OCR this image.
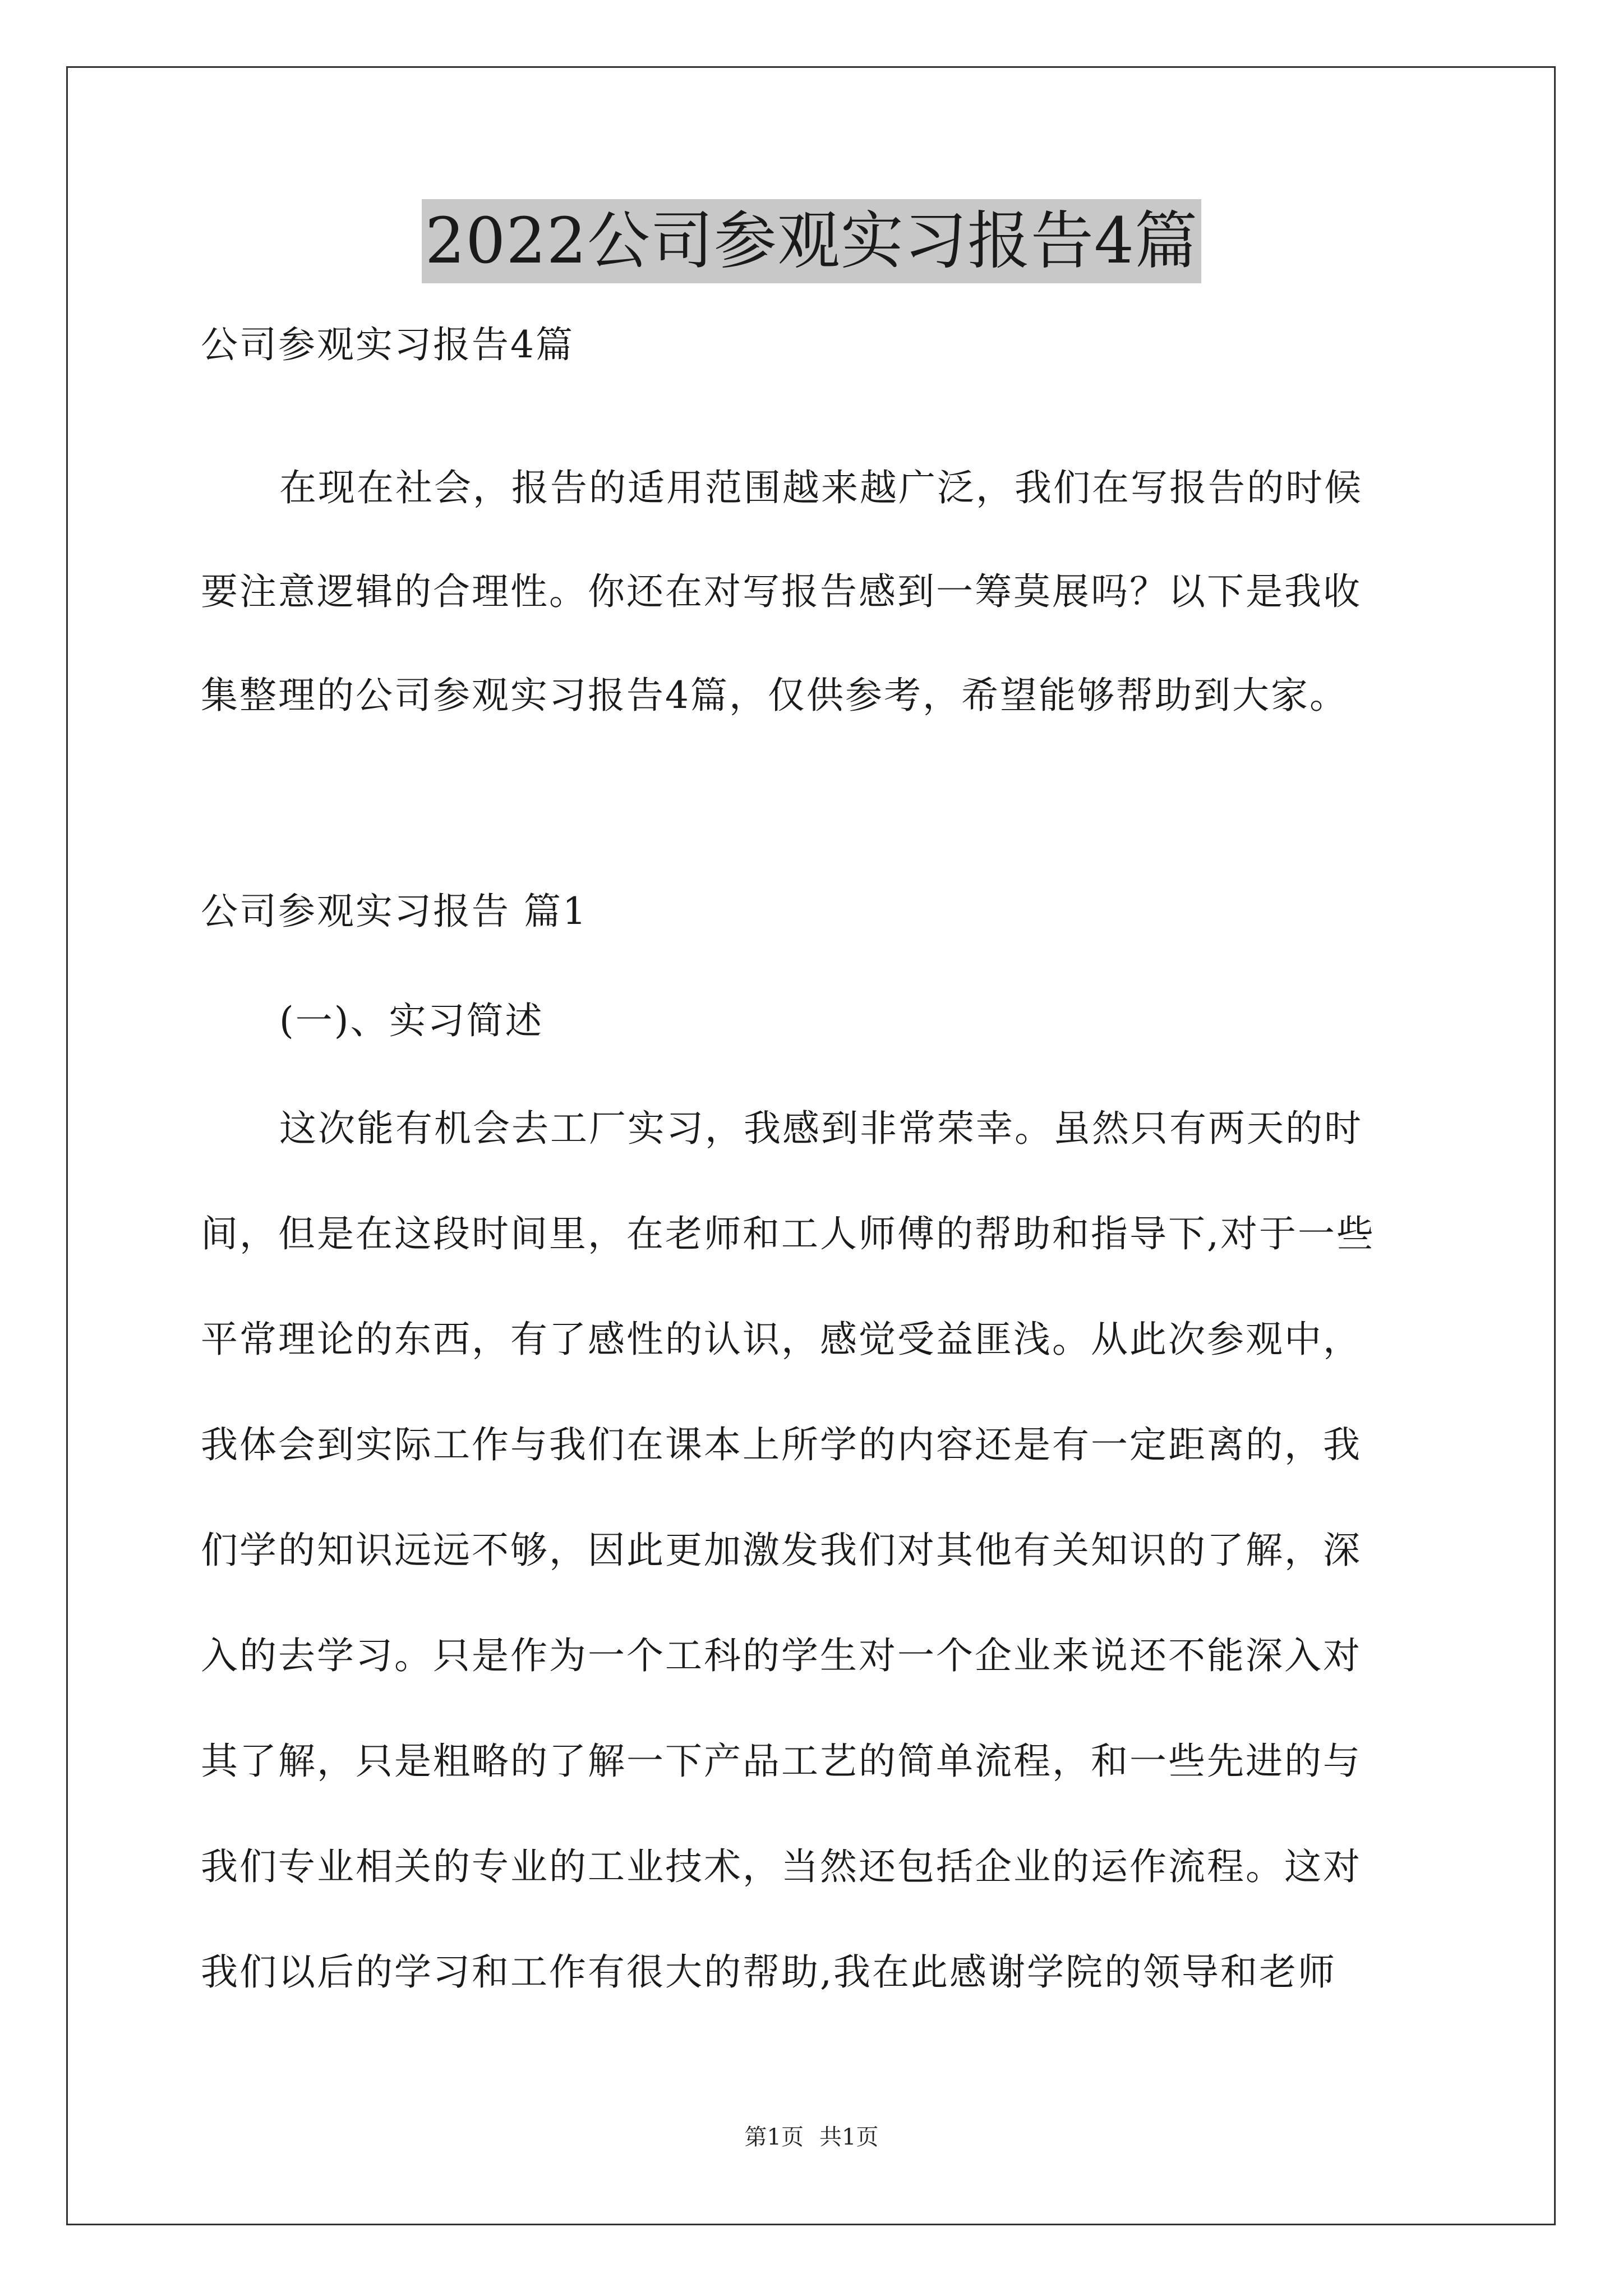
2022公司参观实习报告4篇
公司参观实习报告4篇
在现在社会，报告的适用范围越来越广泛，我们在写报告的时候
要注意逻辑的合理性。你还在对写报告感到一筹莫展吗？以下是我收
集整理的公司参观实习报告4篇，仅供参考，希望能够帮助到大家。
公司参观实习报告 篇1
(一)、实习简述
这次能有机会去工厂实习，我感到非常荣幸。虽然只有两天的时
间，但是在这段时间里，在老师和工人师傅的帮助和指导下,对于一些
平常理论的东西，有了感性的认识，感觉受益匪浅。从此次参观中，
我体会到实际工作与我们在课本上所学的内容还是有一定距离的，我
们学的知识远远不够，因此更加激发我们对其他有关知识的了解，深
入的去学习。只是作为一个工科的学生对一个企业来说还不能深入对
其了解，只是粗略的了解一下产品工艺的简单流程，和一些先进的与
我们专业相关的专业的工业技术，当然还包括企业的运作流程。这对
我们以后的学习和工作有很大的帮助,我在此感谢学院的领导和老师
第1页 共1页
